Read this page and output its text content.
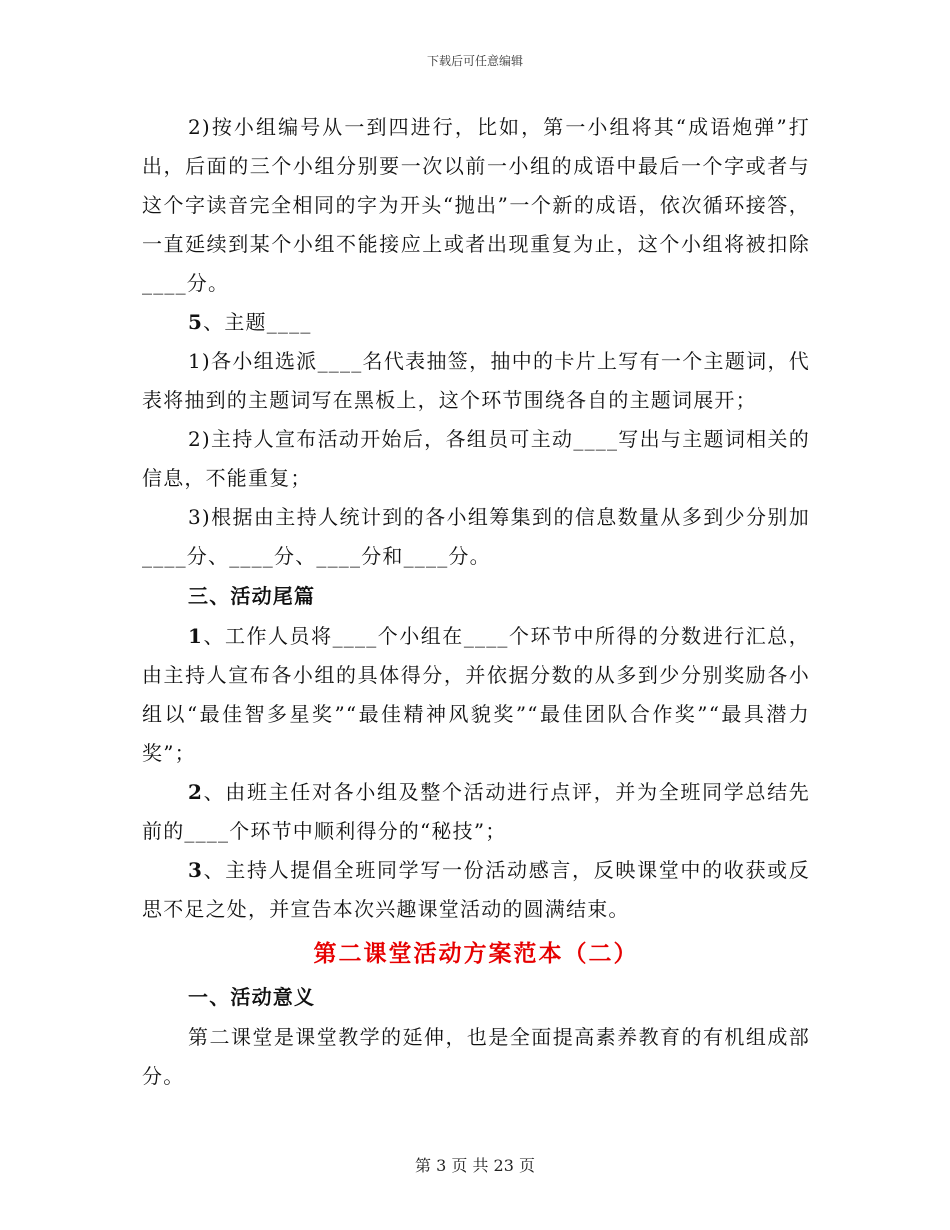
下载后可任意编辑

2)按小组编号从一到四进行，比如，第一小组将其“成语炮弹”打出，后面的三个小组分别要一次以前一小组的成语中最后一个字或者与这个字读音完全相同的字为开头“抛出”一个新的成语，依次循环接答，一直延续到某个小组不能接应上或者出现重复为止，这个小组将被扣除____分。

5、主题____

1)各小组选派____名代表抽签，抽中的卡片上写有一个主题词，代表将抽到的主题词写在黑板上，这个环节围绕各自的主题词展开；

2)主持人宣布活动开始后，各组员可主动____写出与主题词相关的信息，不能重复；

3)根据由主持人统计到的各小组筹集到的信息数量从多到少分别加____分、____分、____分和____分。

三、活动尾篇

1、工作人员将____个小组在____个环节中所得的分数进行汇总，由主持人宣布各小组的具体得分，并依据分数的从多到少分别奖励各小组以“最佳智多星奖”“最佳精神风貌奖”“最佳团队合作奖”“最具潜力奖”；

2、由班主任对各小组及整个活动进行点评，并为全班同学总结先前的____个环节中顺利得分的“秘技”；

3、主持人提倡全班同学写一份活动感言，反映课堂中的收获或反思不足之处，并宣告本次兴趣课堂活动的圆满结束。

第二课堂活动方案范本（二）

一、活动意义

第二课堂是课堂教学的延伸，也是全面提高素养教育的有机组成部分。

第 3 页 共 23 页
